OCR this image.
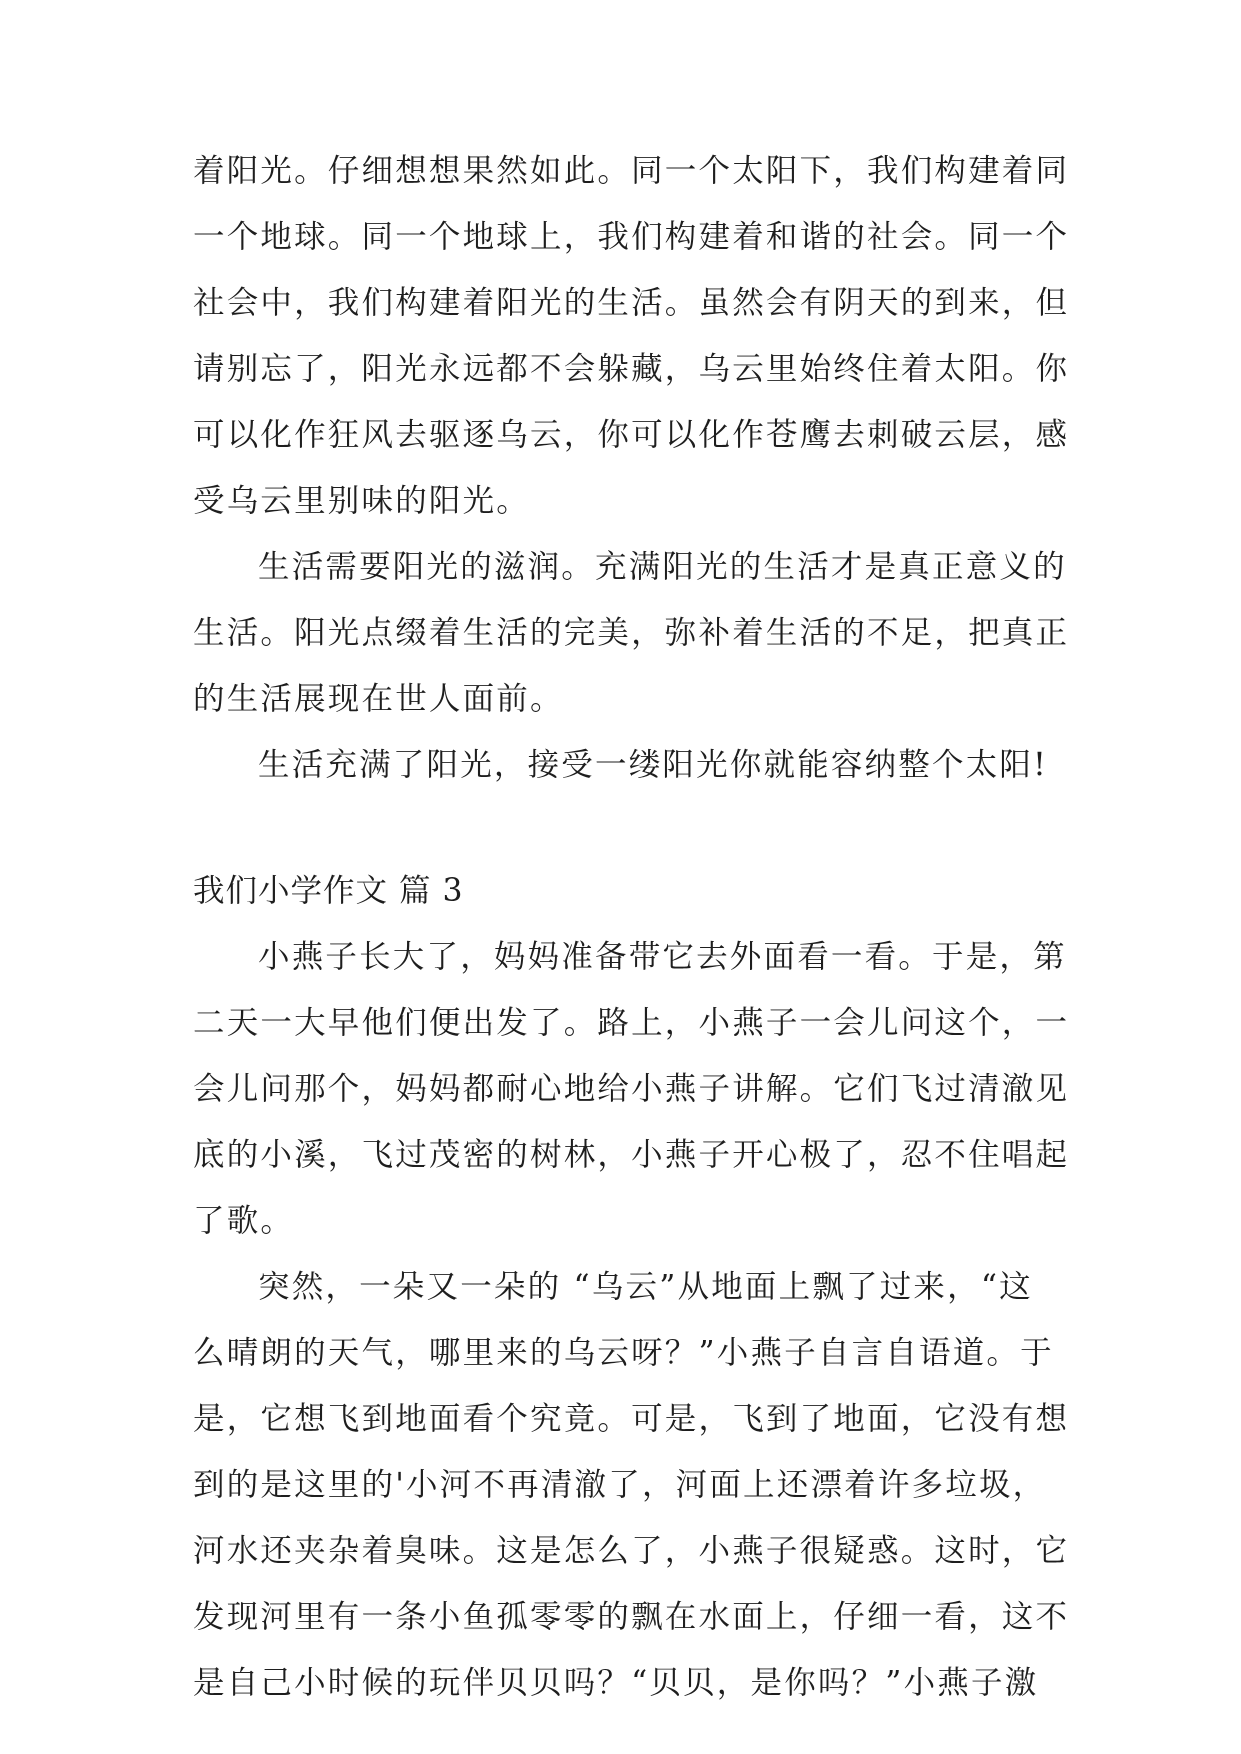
着阳光。仔细想想果然如此。同一个太阳下，我们构建着同
一个地球。同一个地球上，我们构建着和谐的社会。同一个
社会中，我们构建着阳光的生活。虽然会有阴天的到来，但
请别忘了，阳光永远都不会躲藏，乌云里始终住着太阳。你
可以化作狂风去驱逐乌云，你可以化作苍鹰去刺破云层，感
受乌云里别味的阳光。
生活需要阳光的滋润。充满阳光的生活才是真正意义的
生活。阳光点缀着生活的完美，弥补着生活的不足，把真正
的生活展现在世人面前。
生活充满了阳光，接受一缕阳光你就能容纳整个太阳!
我们小学作文 篇 3
小燕子长大了，妈妈准备带它去外面看一看。于是，第
二天一大早他们便出发了。路上，小燕子一会儿问这个，一
会儿问那个，妈妈都耐心地给小燕子讲解。它们飞过清澈见
底的小溪，飞过茂密的树林，小燕子开心极了，忍不住唱起
了歌。
突然，一朵又一朵的 “乌云”从地面上飘了过来，“这
么晴朗的天气，哪里来的乌云呀？”小燕子自言自语道。于
是，它想飞到地面看个究竟。可是，飞到了地面，它没有想
到的是这里的'小河不再清澈了，河面上还漂着许多垃圾，
河水还夹杂着臭味。这是怎么了，小燕子很疑惑。这时，它
发现河里有一条小鱼孤零零的飘在水面上，仔细一看，这不
是自己小时候的玩伴贝贝吗？“贝贝，是你吗？”小燕子激
